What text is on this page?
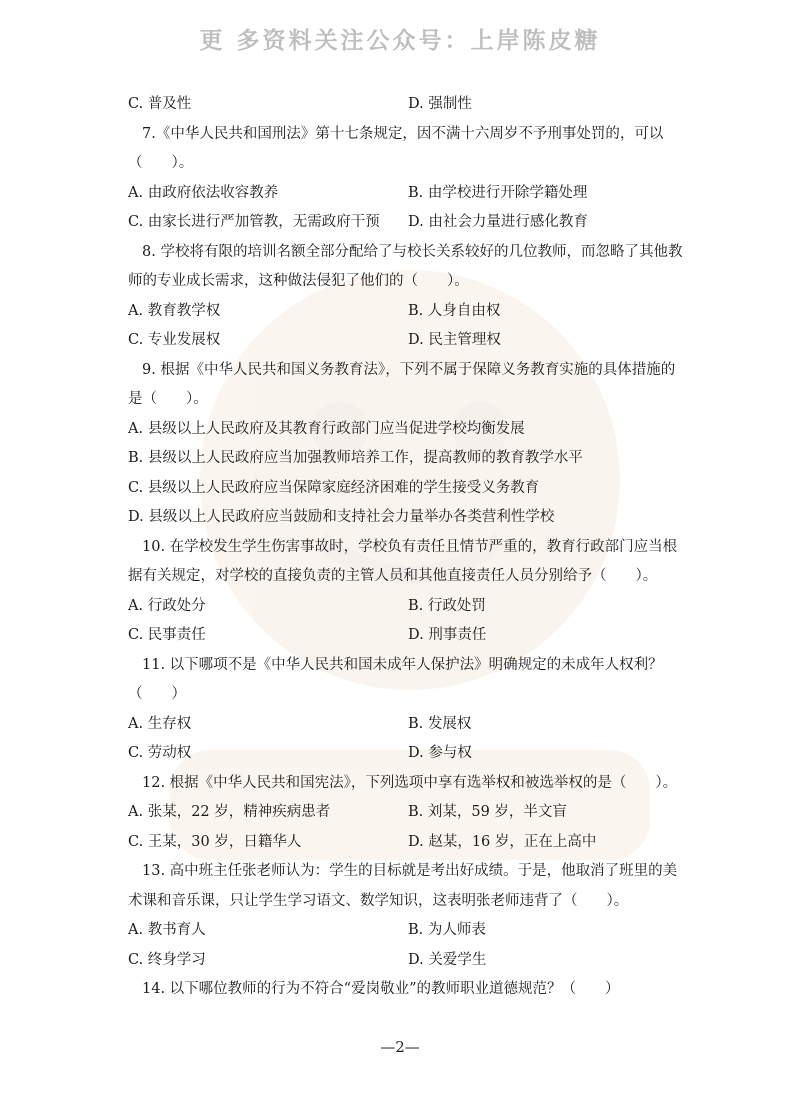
更 多资料关注公众号：上岸陈皮糖
C. 普及性	D. 强制性
7.《中华人民共和国刑法》第十七条规定，因不满十六周岁不予刑事处罚的，可以（　　）。
A. 由政府依法收容教养	B. 由学校进行开除学籍处理
C. 由家长进行严加管教，无需政府干预	D. 由社会力量进行感化教育
8. 学校将有限的培训名额全部分配给了与校长关系较好的几位教师，而忽略了其他教师的专业成长需求，这种做法侵犯了他们的（　　）。
A. 教育教学权	B. 人身自由权
C. 专业发展权	D. 民主管理权
9. 根据《中华人民共和国义务教育法》，下列不属于保障义务教育实施的具体措施的是（　　）。
A. 县级以上人民政府及其教育行政部门应当促进学校均衡发展
B. 县级以上人民政府应当加强教师培养工作，提高教师的教育教学水平
C. 县级以上人民政府应当保障家庭经济困难的学生接受义务教育
D. 县级以上人民政府应当鼓励和支持社会力量举办各类营利性学校
10. 在学校发生学生伤害事故时，学校负有责任且情节严重的，教育行政部门应当根据有关规定，对学校的直接负责的主管人员和其他直接责任人员分别给予（　　）。
A. 行政处分	B. 行政处罚
C. 民事责任	D. 刑事责任
11. 以下哪项不是《中华人民共和国未成年人保护法》明确规定的未成年人权利？（　　）
A. 生存权	B. 发展权
C. 劳动权	D. 参与权
12. 根据《中华人民共和国宪法》，下列选项中享有选举权和被选举权的是（　　）。
A. 张某，22 岁，精神疾病患者	B. 刘某，59 岁，半文盲
C. 王某，30 岁，日籍华人	D. 赵某，16 岁，正在上高中
13. 高中班主任张老师认为：学生的目标就是考出好成绩。于是，他取消了班里的美术课和音乐课，只让学生学习语文、数学知识，这表明张老师违背了（　　）。
A. 教书育人	B. 为人师表
C. 终身学习	D. 关爱学生
14. 以下哪位教师的行为不符合“爱岗敬业”的教师职业道德规范？（　　）
—2—
